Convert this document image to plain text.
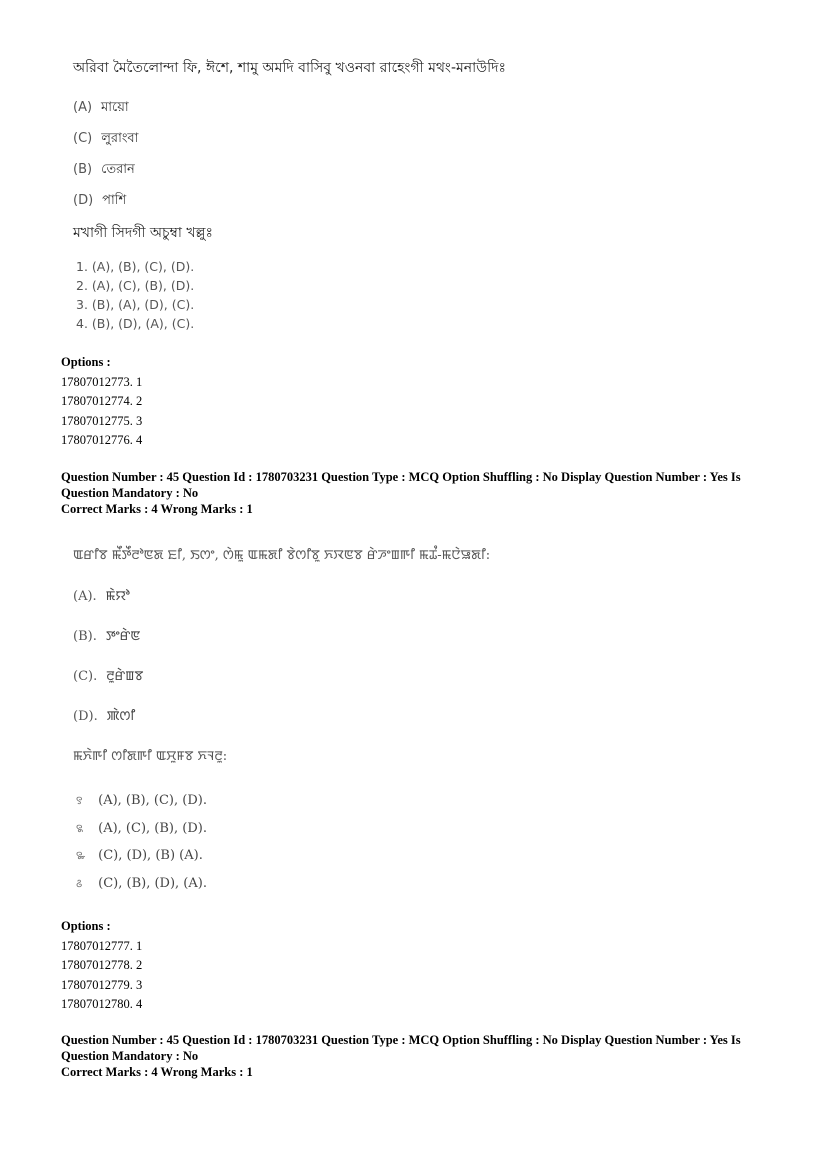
অরিবা মৈতৈলোন্দা ফি, ঈশে, শামু অমদি বাসিবু খওনবা রাহেংগী মথং-মনাউদিঃ

(A) মায়ো
(C) লুরাংবা
(B) তেরান
(D) পাশি
মখাগী সিদগী অচুম্বা খল্লুঃ
1. (A), (B), (C), (D).
2. (A), (C), (B), (D).
3. (B), (A), (D), (C).
4. (B), (D), (A), (C).
Options :
17807012773. 1
17807012774. 2
17807012775. 3
17807012776. 4
Question Number : 45 Question Id : 1780703231 Question Type : MCQ Option Shuffling : No Display Question Number : Yes Is
Question Mandatory : No
Correct Marks : 4 Wrong Marks : 1

ꯑꯔꯤꯕ ꯃꯩꯇꯩꯂꯣꯟꯗ ꯐꯤ, ꯏꯁꯦ, ꯁꯥꯃꯨ ꯑꯃꯗꯤ ꯕꯥꯁꯤꯕꯨ ꯈꯋꯟꯕ ꯔꯥꯍꯦꯡꯒꯤ ꯃꯊꯪ-ꯃꯅꯥꯎꯗꯤ:

(A). ꯃꯥꯌꯣ
(B). ꯇꯦꯔꯥꯟ
(C). ꯂꯨꯔꯥꯡꯕ
(D). ꯄꯥꯁꯤ
ꯃꯈꯥꯒꯤ ꯁꯤꯗꯒꯤ ꯑꯆꯨꯝꯕ ꯈꯜꯂꯨ:
꯱ (A), (B), (C), (D).
꯲ (A), (C), (B), (D).
꯳ (C), (D), (B) (A).
꯴ (C), (B), (D), (A).
Options :
17807012777. 1
17807012778. 2
17807012779. 3
17807012780. 4
Question Number : 45 Question Id : 1780703231 Question Type : MCQ Option Shuffling : No Display Question Number : Yes Is
Question Mandatory : No
Correct Marks : 4 Wrong Marks : 1
